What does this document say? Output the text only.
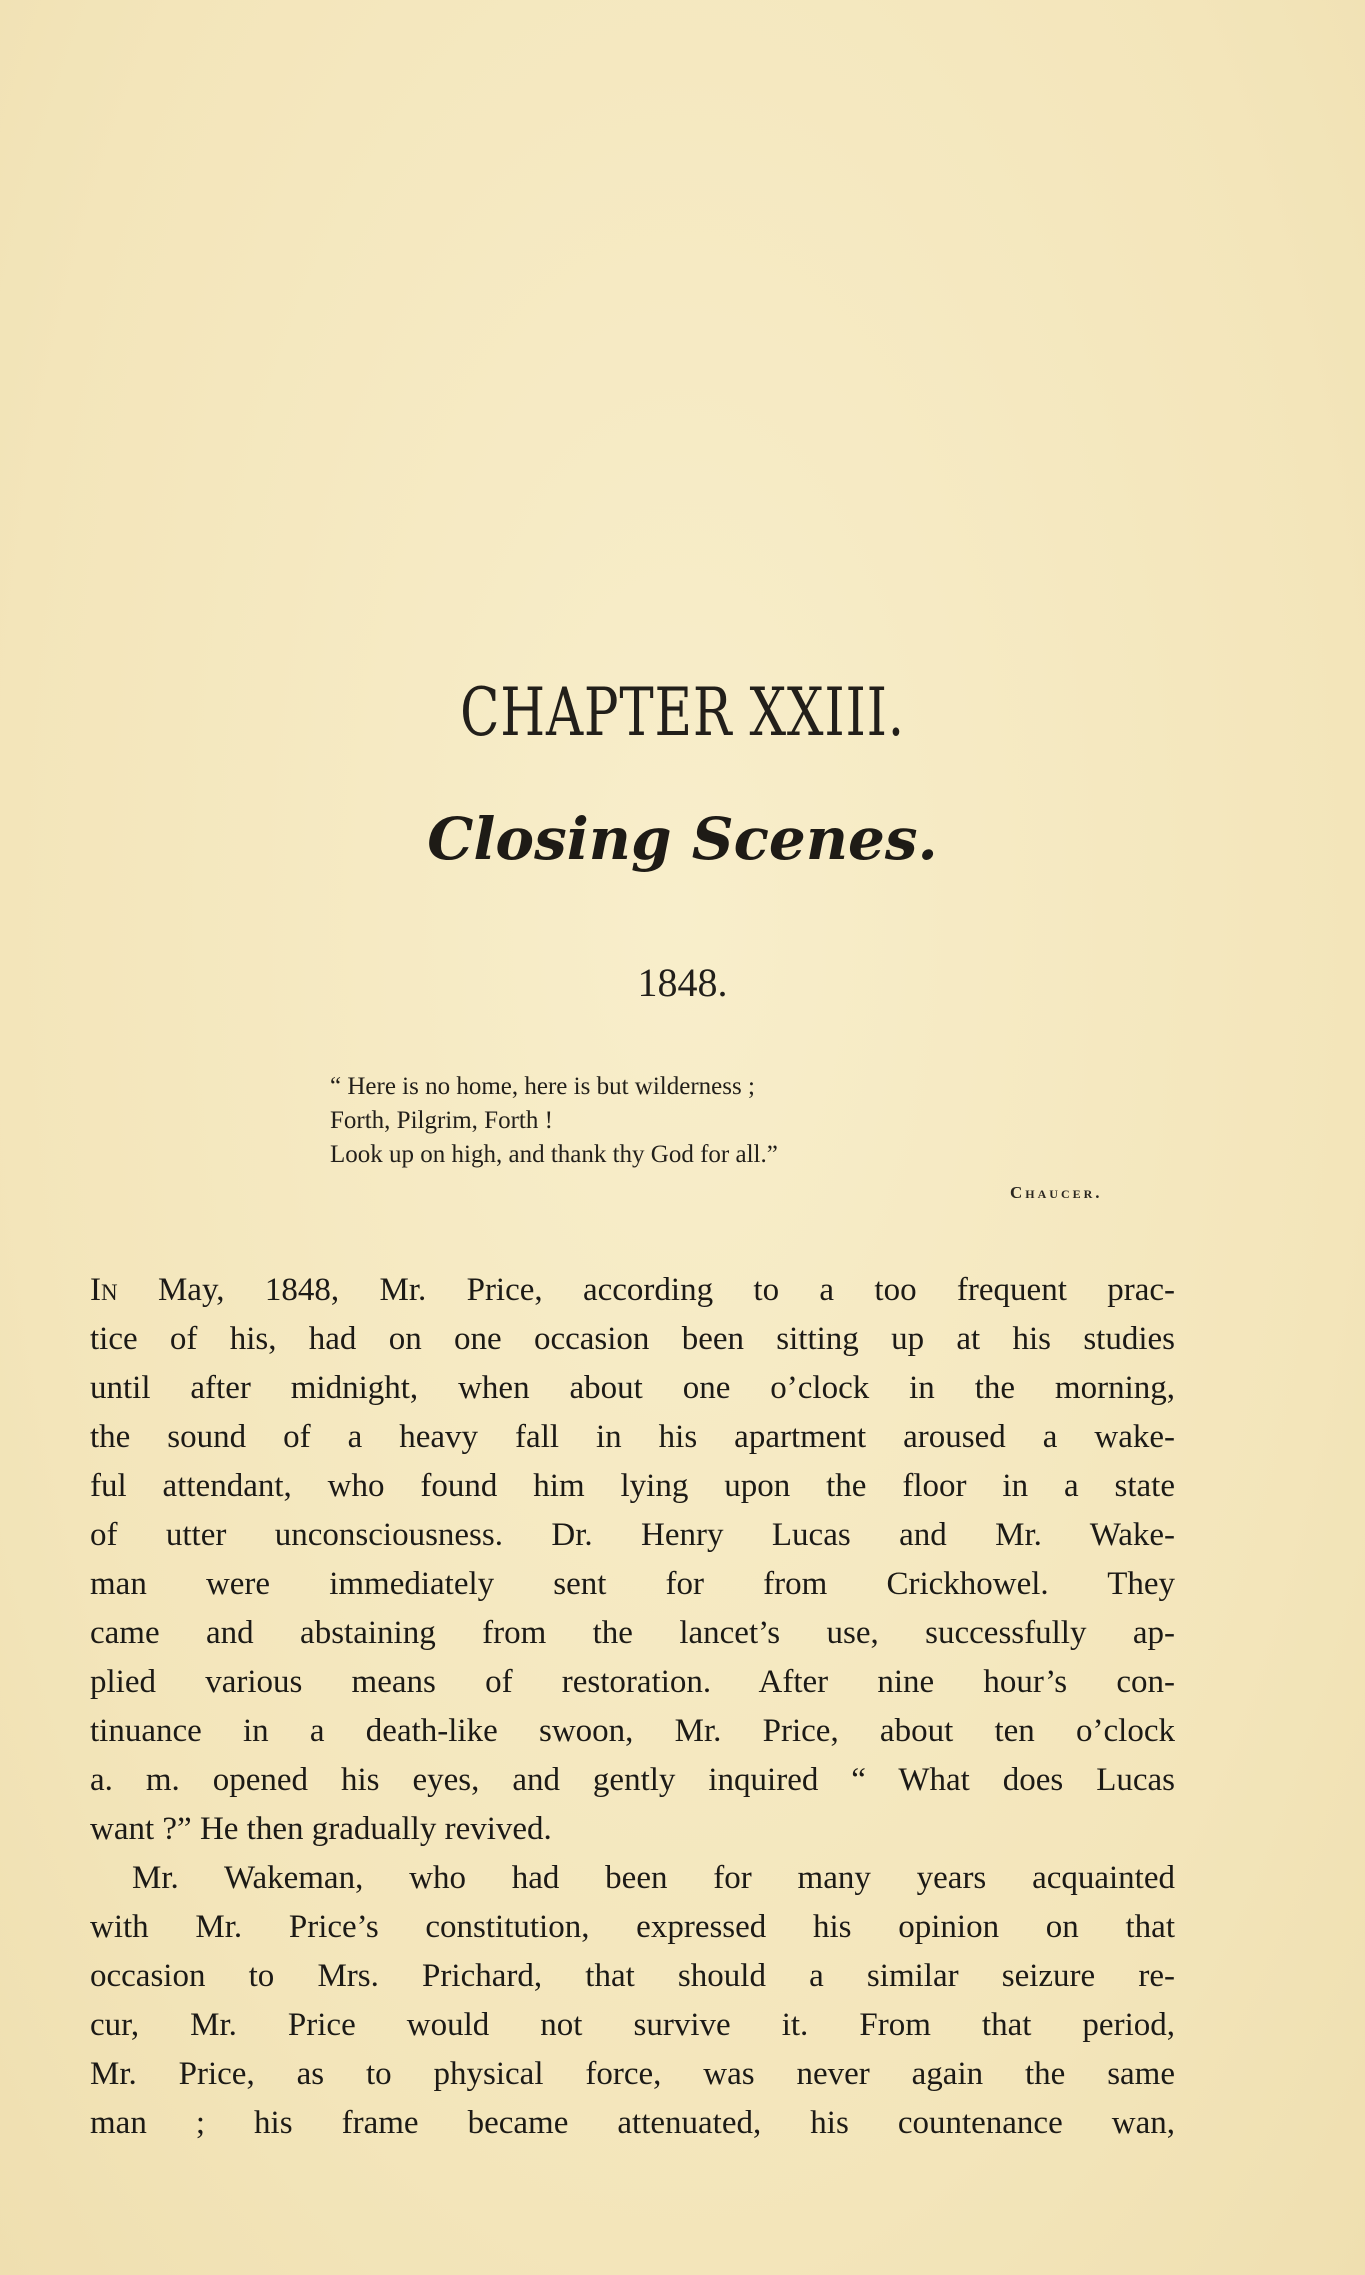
CHAPTER XXIII.
Closing Scenes.
1848.
“ Here is no home, here is but wilderness ;
Forth, Pilgrim, Forth !
Look up on high, and thank thy God for all.”
Chaucer.
In May, 1848, Mr. Price, according to a too frequent prac-
tice of his, had on one occasion been sitting up at his studies
until after midnight, when about one o’clock in the morning,
the sound of a heavy fall in his apartment aroused a wake-
ful attendant, who found him lying upon the floor in a state
of utter unconsciousness. Dr. Henry Lucas and Mr. Wake-
man were immediately sent for from Crickhowel. They
came and abstaining from the lancet’s use, successfully ap-
plied various means of restoration. After nine hour’s con-
tinuance in a death-like swoon, Mr. Price, about ten o’clock
a. m. opened his eyes, and gently inquired “ What does Lucas
want ?” He then gradually revived.
Mr. Wakeman, who had been for many years acquainted
with Mr. Price’s constitution, expressed his opinion on that
occasion to Mrs. Prichard, that should a similar seizure re-
cur, Mr. Price would not survive it. From that period,
Mr. Price, as to physical force, was never again the same
man ; his frame became attenuated, his countenance wan,
